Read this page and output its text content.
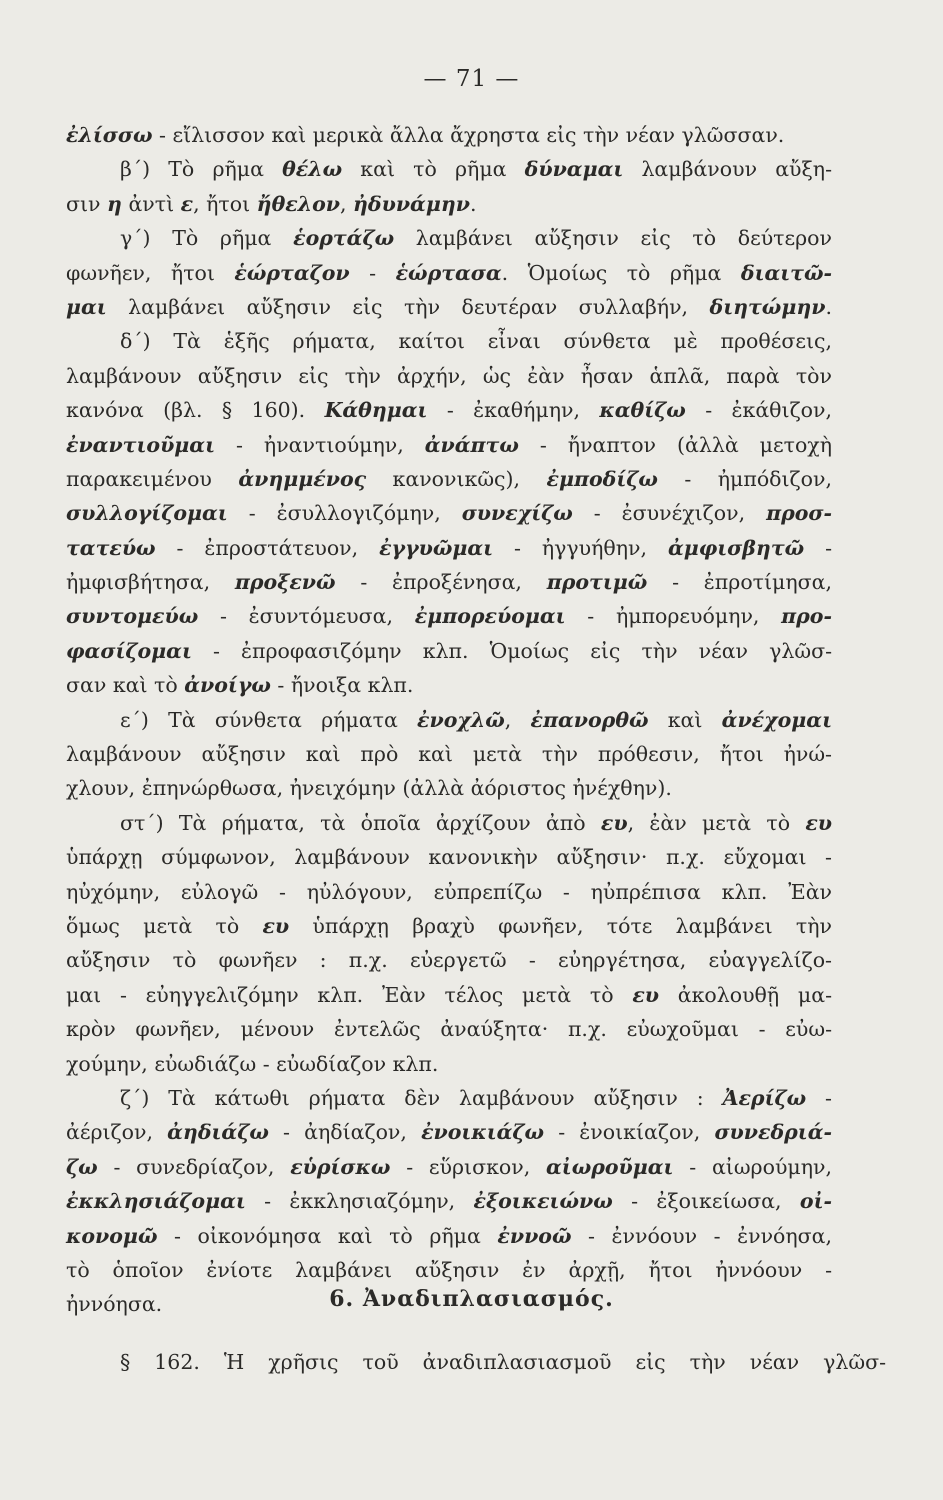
— 71 —
ἐλίσσω - εἴλισσον καὶ μερικὰ ἄλλα ἄχρηστα εἰς τὴν νέαν γλῶσσαν.
β΄) Τὸ ρῆμα θέλω καὶ τὸ ρῆμα δύναμαι λαμβάνουν αὔξη-
σιν η ἀντὶ ε, ἤτοι ἤθελον, ἠδυνάμην.
γ΄) Τὸ ρῆμα ἑορτάζω λαμβάνει αὔξησιν εἰς τὸ δεύτερον
φωνῆεν, ἤτοι ἑώρταζον - ἑώρτασα. Ὁμοίως τὸ ρῆμα διαιτῶ-
μαι λαμβάνει αὔξησιν εἰς τὴν δευτέραν συλλαβήν, διητώμην.
δ΄) Τὰ ἑξῆς ρήματα, καίτοι εἶναι σύνθετα μὲ προθέσεις,
λαμβάνουν αὔξησιν εἰς τὴν ἀρχήν, ὡς ἐὰν ἦσαν ἁπλᾶ, παρὰ τὸν
κανόνα (βλ. § 160). Κάθημαι - ἐκαθήμην, καθίζω - ἐκάθιζον,
ἐναντιοῦμαι - ἠναντιούμην, ἀνάπτω - ἤναπτον (ἀλλὰ μετοχὴ
παρακειμένου ἀνημμένος κανονικῶς), ἐμποδίζω - ἠμπόδιζον,
συλλογίζομαι - ἐσυλλογιζόμην, συνεχίζω - ἐσυνέχιζον, προσ-
τατεύω - ἐπροστάτευον, ἐγγυῶμαι - ἠγγυήθην, ἀμφισβητῶ -
ἠμφισβήτησα, προξενῶ - ἐπροξένησα, προτιμῶ - ἐπροτίμησα,
συντομεύω - ἐσυντόμευσα, ἐμπορεύομαι - ἠμπορευόμην, προ-
φασίζομαι - ἐπροφασιζόμην κλπ. Ὁμοίως εἰς τὴν νέαν γλῶσ-
σαν καὶ τὸ ἀνοίγω - ἤνοιξα κλπ.
ε΄) Τὰ σύνθετα ρήματα ἐνοχλῶ, ἐπανορθῶ καὶ ἀνέχομαι
λαμβάνουν αὔξησιν καὶ πρὸ καὶ μετὰ τὴν πρόθεσιν, ἤτοι ἠνώ-
χλουν, ἐπηνώρθωσα, ἠνειχόμην (ἀλλὰ ἀόριστος ἠνέχθην).
στ΄) Τὰ ρήματα, τὰ ὁποῖα ἀρχίζουν ἀπὸ ευ, ἐὰν μετὰ τὸ ευ
ὑπάρχῃ σύμφωνον, λαμβάνουν κανονικὴν αὔξησιν· π.χ. εὔχομαι -
ηὐχόμην, εὐλογῶ - ηὐλόγουν, εὐπρεπίζω - ηὐπρέπισα κλπ. Ἐὰν
ὅμως μετὰ τὸ ευ ὑπάρχῃ βραχὺ φωνῆεν, τότε λαμβάνει τὴν
αὔξησιν τὸ φωνῆεν : π.χ. εὐεργετῶ - εὐηργέτησα, εὐαγγελίζο-
μαι - εὐηγγελιζόμην κλπ. Ἐὰν τέλος μετὰ τὸ ευ ἀκολουθῇ μα-
κρὸν φωνῆεν, μένουν ἐντελῶς ἀναύξητα· π.χ. εὐωχοῦμαι - εὐω-
χούμην, εὐωδιάζω - εὐωδίαζον κλπ.
ζ΄) Τὰ κάτωθι ρήματα δὲν λαμβάνουν αὔξησιν : Ἀερίζω -
ἀέριζον, ἀηδιάζω - ἀηδίαζον, ἐνοικιάζω - ἐνοικίαζον, συνεδριά-
ζω - συνεδρίαζον, εὑρίσκω - εὕρισκον, αἰωροῦμαι - αἰωρούμην,
ἐκκλησιάζομαι - ἐκκλησιαζόμην, ἐξοικειώνω - ἐξοικείωσα, οἰ-
κονομῶ - οἰκονόμησα καὶ τὸ ρῆμα ἐννοῶ - ἐννόουν - ἐννόησα,
τὸ ὁποῖον ἐνίοτε λαμβάνει αὔξησιν ἐν ἀρχῇ, ἤτοι ἠννόουν -
ἠννόησα.	6. Ἀναδιπλασιασμός.
§ 162. Ἡ χρῆσις τοῦ ἀναδιπλασιασμοῦ εἰς τὴν νέαν γλῶσ-
